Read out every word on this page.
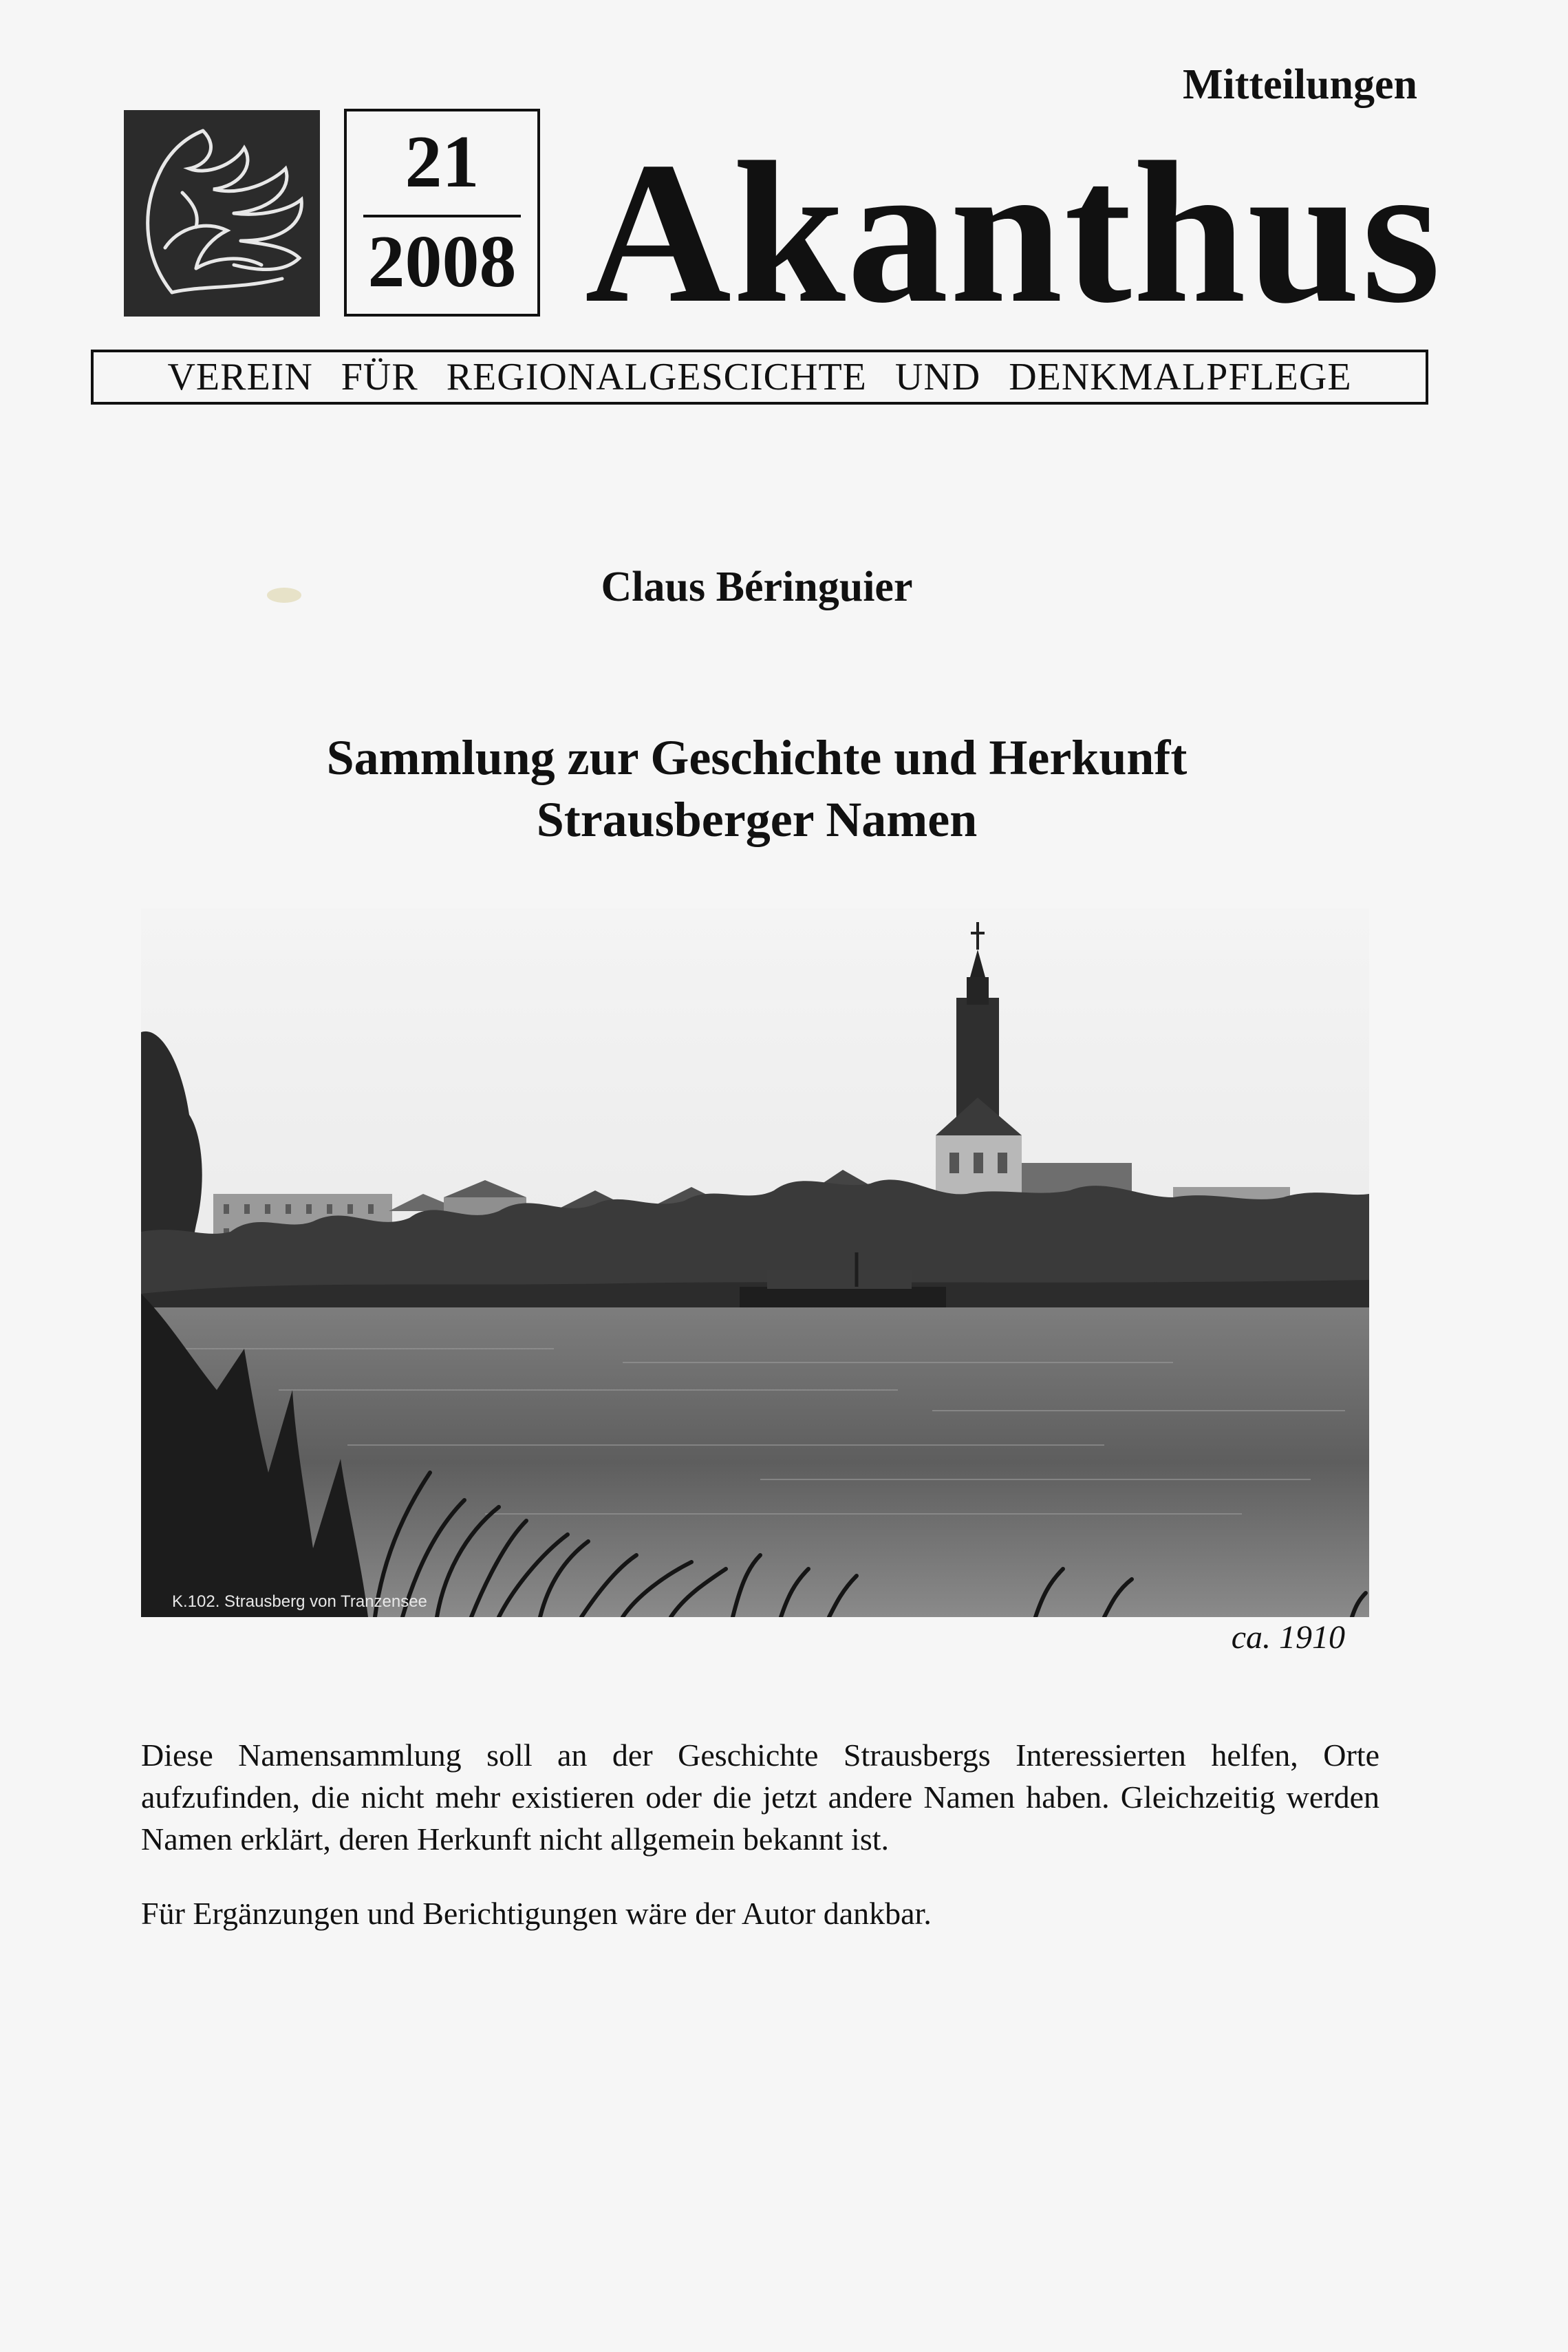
Mitteilungen
21
2008 Akanthus
VEREIN FÜR REGIONALGESCICHTE UND DENKMALPFLEGE
Claus Béringuier
Sammlung zur Geschichte und Herkunft
Strausberger Namen
K.102. Strausberg von Tranzensee
ca. 1910
Diese Namensammlung soll an der Geschichte Strausbergs Interessierten helfen, Orte aufzufinden, die nicht mehr existieren oder die jetzt andere Namen haben. Gleichzeitig werden Namen erklärt, deren Herkunft nicht allgemein bekannt ist.
Für Ergänzungen und Berichtigungen wäre der Autor dankbar.
